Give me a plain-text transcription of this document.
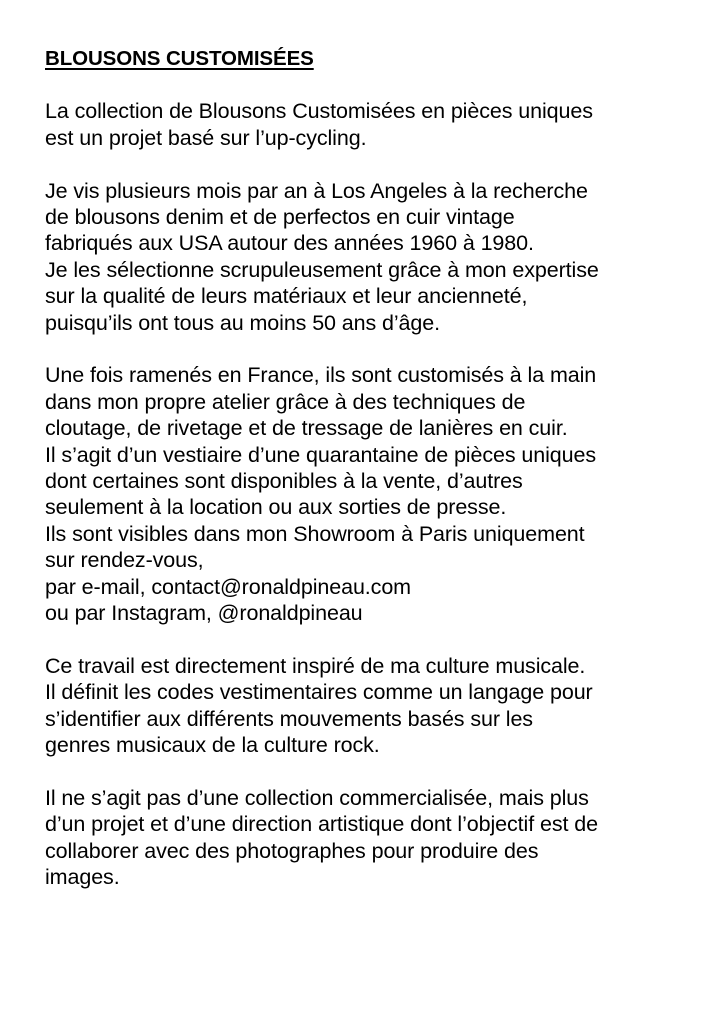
BLOUSONS CUSTOMISÉES
La collection de Blousons Customisées en pièces uniques
est un projet basé sur l’up-cycling.
Je vis plusieurs mois par an à Los Angeles à la recherche
de blousons denim et de perfectos en cuir vintage
fabriqués aux USA autour des années 1960 à 1980.
Je les sélectionne scrupuleusement grâce à mon expertise
sur la qualité de leurs matériaux et leur ancienneté,
puisqu’ils ont tous au moins 50 ans d’âge.
Une fois ramenés en France, ils sont customisés à la main
dans mon propre atelier grâce à des techniques de
cloutage, de rivetage et de tressage de lanières en cuir.
Il s’agit d’un vestiaire d’une quarantaine de pièces uniques
dont certaines sont disponibles à la vente, d’autres
seulement à la location ou aux sorties de presse.
Ils sont visibles dans mon Showroom à Paris uniquement
sur rendez-vous,
par e-mail, contact@ronaldpineau.com
ou par Instagram, @ronaldpineau
Ce travail est directement inspiré de ma culture musicale.
Il définit les codes vestimentaires comme un langage pour
s’identifier aux différents mouvements basés sur les
genres musicaux de la culture rock.
Il ne s’agit pas d’une collection commercialisée, mais plus
d’un projet et d’une direction artistique dont l’objectif est de
collaborer avec des photographes pour produire des
images.
